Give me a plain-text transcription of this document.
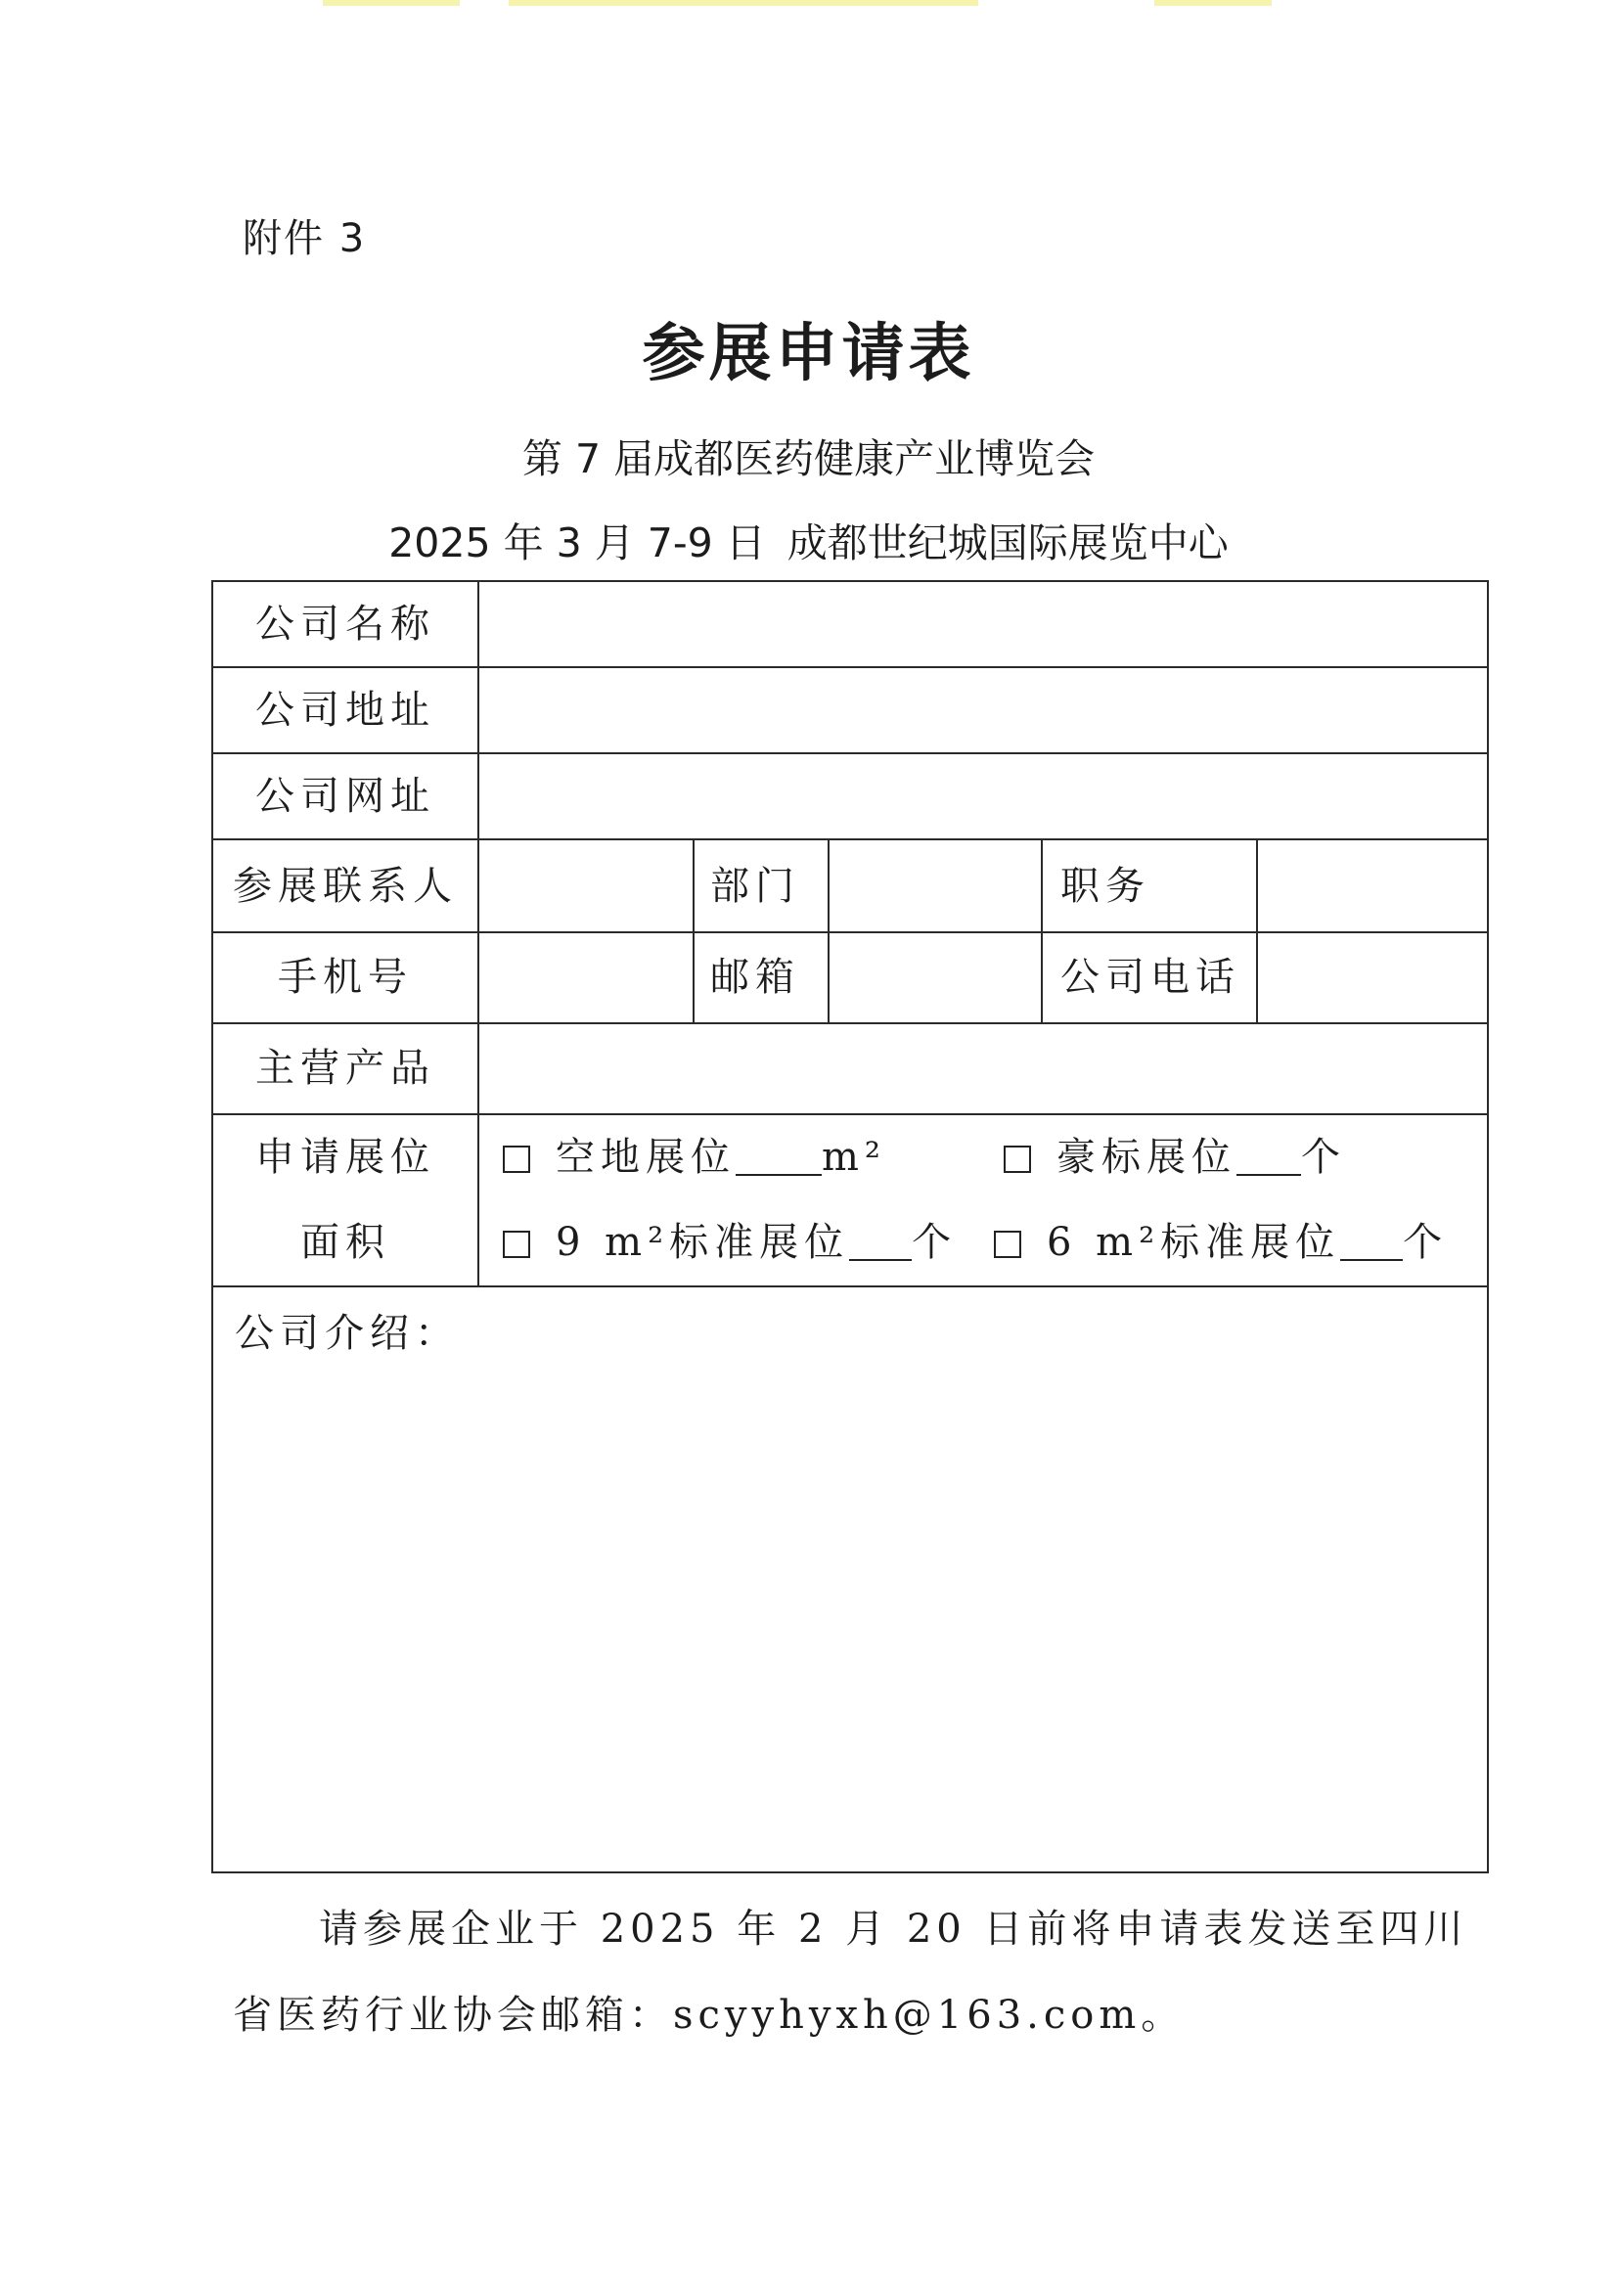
附件 3
参展申请表
第 7 届成都医药健康产业博览会
2025 年 3 月 7-9 日 成都世纪城国际展览中心
公司名称
公司地址
公司网址
参展联系人	部门	职务
手机号	邮箱	公司电话
主营产品
申请展位
面积
空地展位 m²	豪标展位 个
9 m²标准展位 个	6 m²标准展位 个
公司介绍：
请参展企业于 2025 年 2 月 20 日前将申请表发送至四川
省医药行业协会邮箱：scyyhyxh@163.com。
